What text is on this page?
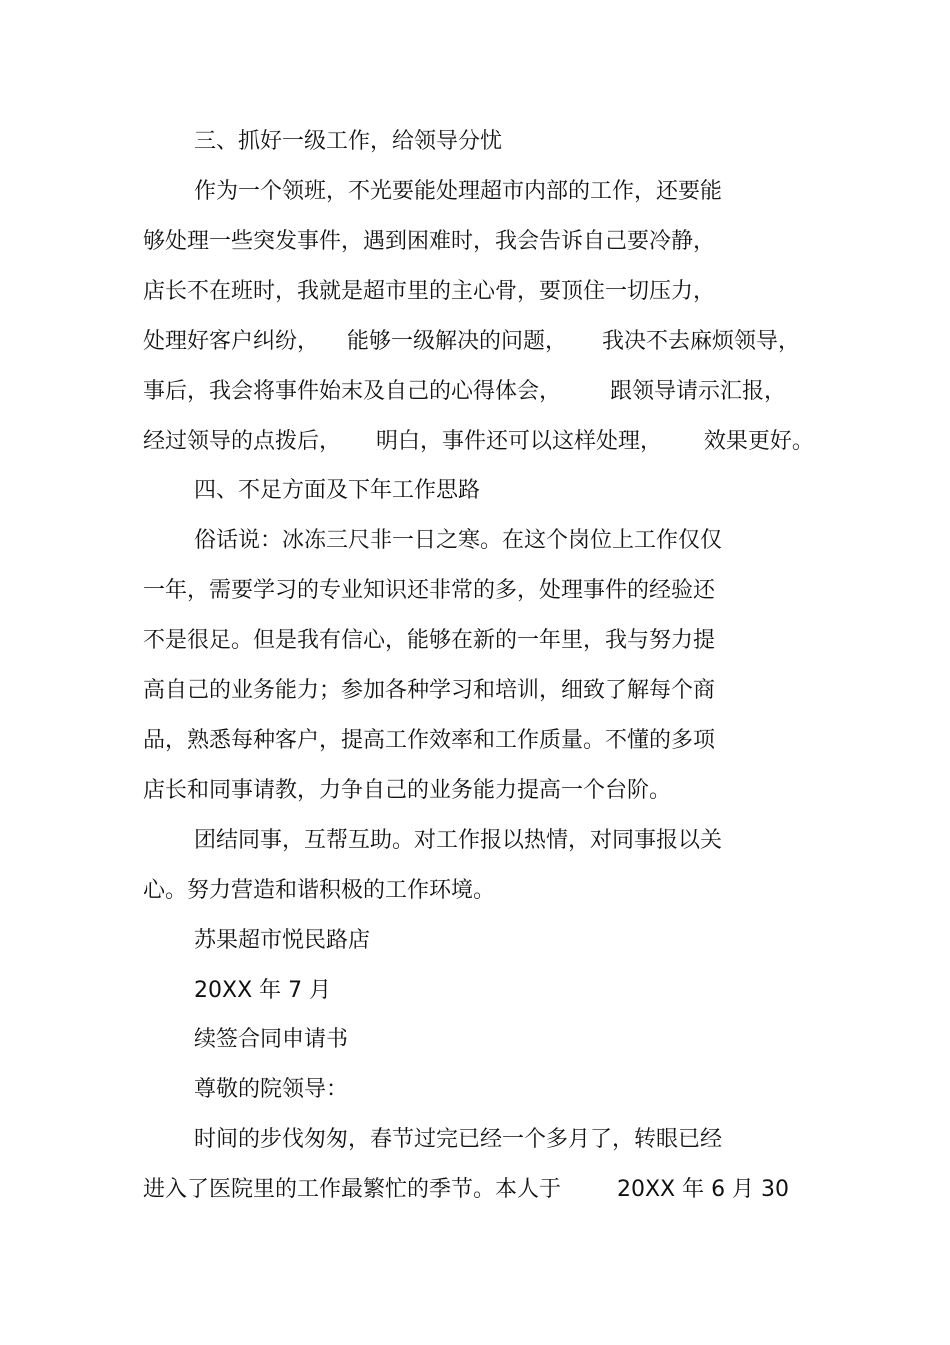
三、抓好一级工作，给领导分忧
作为一个领班，不光要能处理超市内部的工作，还要能
够处理一些突发事件，遇到困难时，我会告诉自己要冷静，
店长不在班时，我就是超市里的主心骨，要顶住一切压力，
处理好客户纠纷，    能够一级解决的问题，     我决不去麻烦领导，
事后，我会将事件始末及自己的心得体会，       跟领导请示汇报，
经过领导的点拨后，     明白，事件还可以这样处理，      效果更好。
四、不足方面及下年工作思路
俗话说：冰冻三尺非一日之寒。在这个岗位上工作仅仅
一年，需要学习的专业知识还非常的多，处理事件的经验还
不是很足。但是我有信心，能够在新的一年里，我与努力提
高自己的业务能力；参加各种学习和培训，细致了解每个商
品，熟悉每种客户，提高工作效率和工作质量。不懂的多项
店长和同事请教，力争自己的业务能力提高一个台阶。
团结同事，互帮互助。对工作报以热情，对同事报以关
心。努力营造和谐积极的工作环境。
苏果超市悦民路店
20XX 年 7 月
续签合同申请书
尊敬的院领导：
时间的步伐匆匆，春节过完已经一个多月了，转眼已经
进入了医院里的工作最繁忙的季节。本人于        20XX 年 6 月 30
